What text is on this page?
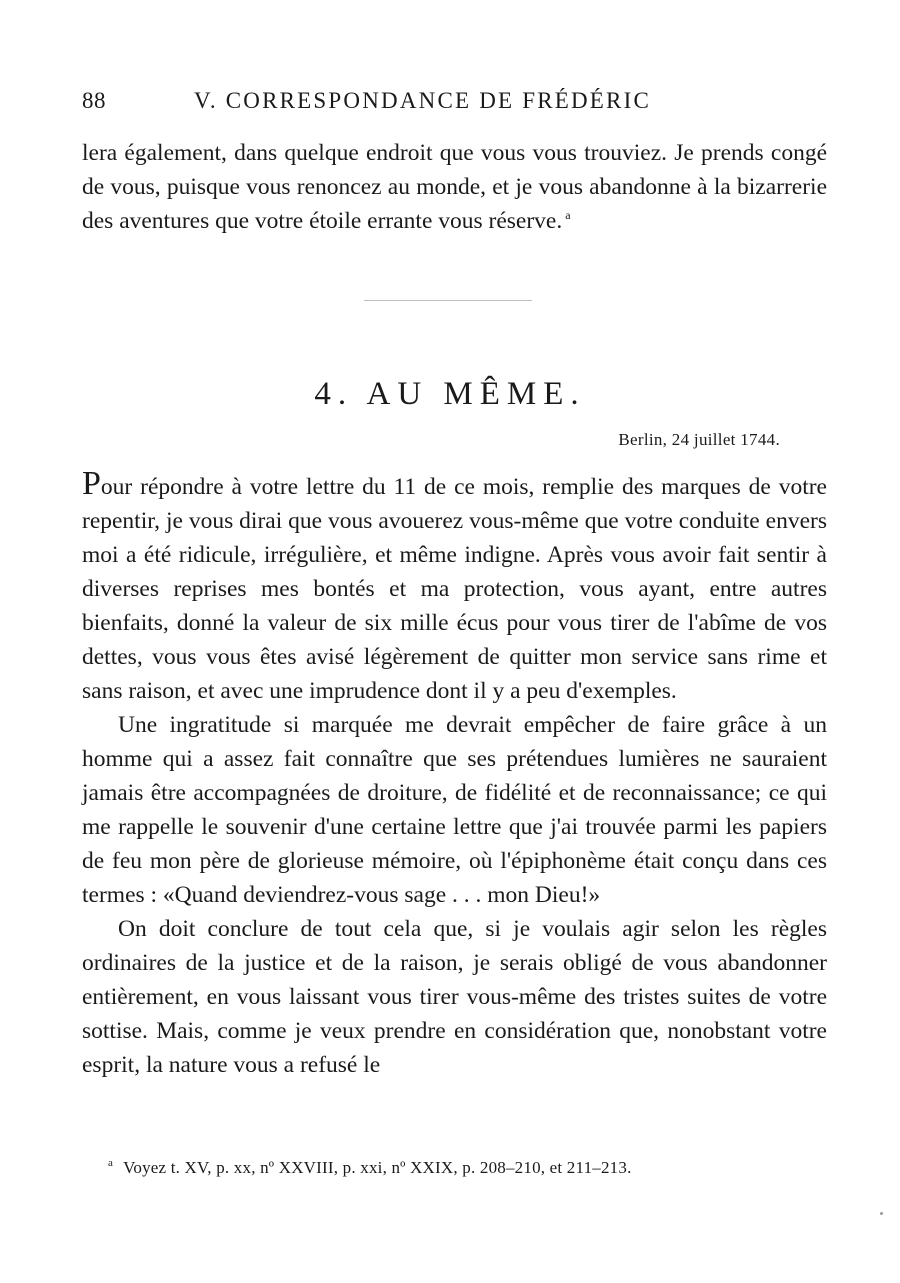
88	V. CORRESPONDANCE DE FRÉDÉRIC

lera également, dans quelque endroit que vous vous trouviez. Je prends congé de vous, puisque vous renoncez au monde, et je vous abandonne à la bizarrerie des aventures que votre étoile errante vous réserve. $^a$

4. AU MÊME.
Berlin, 24 juillet 1744.

Pour répondre à votre lettre du 11 de ce mois, remplie des marques de votre repentir, je vous dirai que vous avouerez vous-même que votre conduite envers moi a été ridicule, irrégulière, et même indigne. Après vous avoir fait sentir à diverses reprises mes bontés et ma protection, vous ayant, entre autres bienfaits, donné la valeur de six mille écus pour vous tirer de l'abîme de vos dettes, vous vous êtes avisé légèrement de quitter mon service sans rime et sans raison, et avec une imprudence dont il y a peu d'exemples.

Une ingratitude si marquée me devrait empêcher de faire grâce à un homme qui a assez fait connaître que ses prétendues lumières ne sauraient jamais être accompagnées de droiture, de fidélité et de reconnaissance; ce qui me rappelle le souvenir d'une certaine lettre que j'ai trouvée parmi les papiers de feu mon père de glorieuse mémoire, où l'épiphonème était conçu dans ces termes : «Quand deviendrez-vous sage . . . mon Dieu!»

On doit conclure de tout cela que, si je voulais agir selon les règles ordinaires de la justice et de la raison, je serais obligé de vous abandonner entièrement, en vous laissant vous tirer vous-même des tristes suites de votre sottise. Mais, comme je veux prendre en considération que, nonobstant votre esprit, la nature vous a refusé le

$^a$ Voyez t. XV, p. xx, nº XXVIII, p. xxi, nº XXIX, p. 208–210, et 211–213.
